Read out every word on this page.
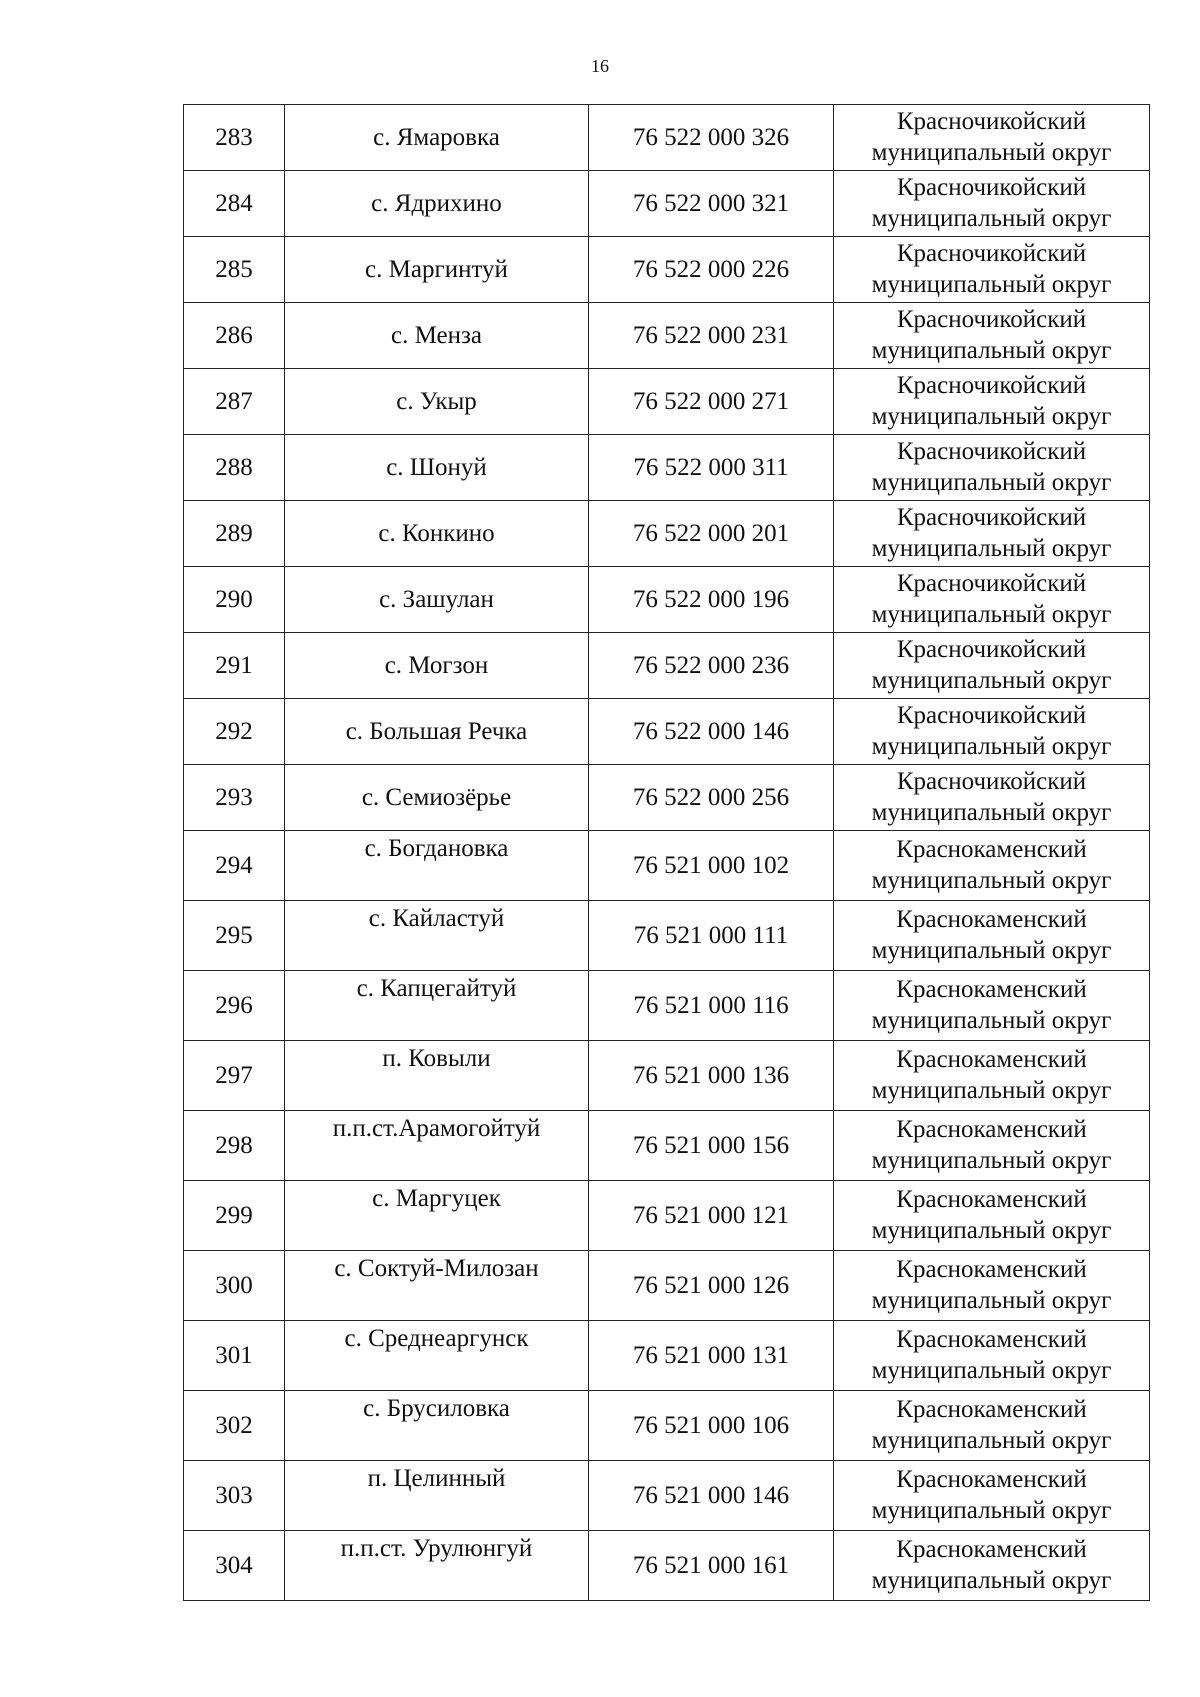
16
283	с. Ямаровка	76 522 000 326	Красночикойский
муниципальный округ

284	с. Ядрихино	76 522 000 321	Красночикойский
муниципальный округ

285	с. Маргинтуй	76 522 000 226	Красночикойский
муниципальный округ

286	с. Менза	76 522 000 231	Красночикойский
муниципальный округ

287	с. Укыр	76 522 000 271	Красночикойский
муниципальный округ

288	с. Шонуй	76 522 000 311	Красночикойский
муниципальный округ

289	с. Конкино	76 522 000 201	Красночикойский
муниципальный округ

290	с. Зашулан	76 522 000 196	Красночикойский
муниципальный округ

291	с. Могзон	76 522 000 236	Красночикойский
муниципальный округ

292	с. Большая Речка	76 522 000 146	Красночикойский
муниципальный округ

293	с. Семиозёрье	76 522 000 256	Красночикойский
муниципальный округ

294	с. Богдановка	76 521 000 102	Краснокаменский
муниципальный округ

295	с. Кайластуй	76 521 000 111	Краснокаменский
муниципальный округ

296	с. Капцегайтуй	76 521 000 116	Краснокаменский
муниципальный округ

297	п. Ковыли	76 521 000 136	Краснокаменский
муниципальный округ

298	п.п.ст.Арамогойтуй	76 521 000 156	Краснокаменский
муниципальный округ

299	с. Маргуцек	76 521 000 121	Краснокаменский
муниципальный округ

300	с. Соктуй-Милозан	76 521 000 126	Краснокаменский
муниципальный округ

301	с. Среднеаргунск	76 521 000 131	Краснокаменский
муниципальный округ

302	с. Брусиловка	76 521 000 106	Краснокаменский
муниципальный округ

303	п. Целинный	76 521 000 146	Краснокаменский
муниципальный округ

304	п.п.ст. Урулюнгуй	76 521 000 161	Краснокаменский
муниципальный округ
